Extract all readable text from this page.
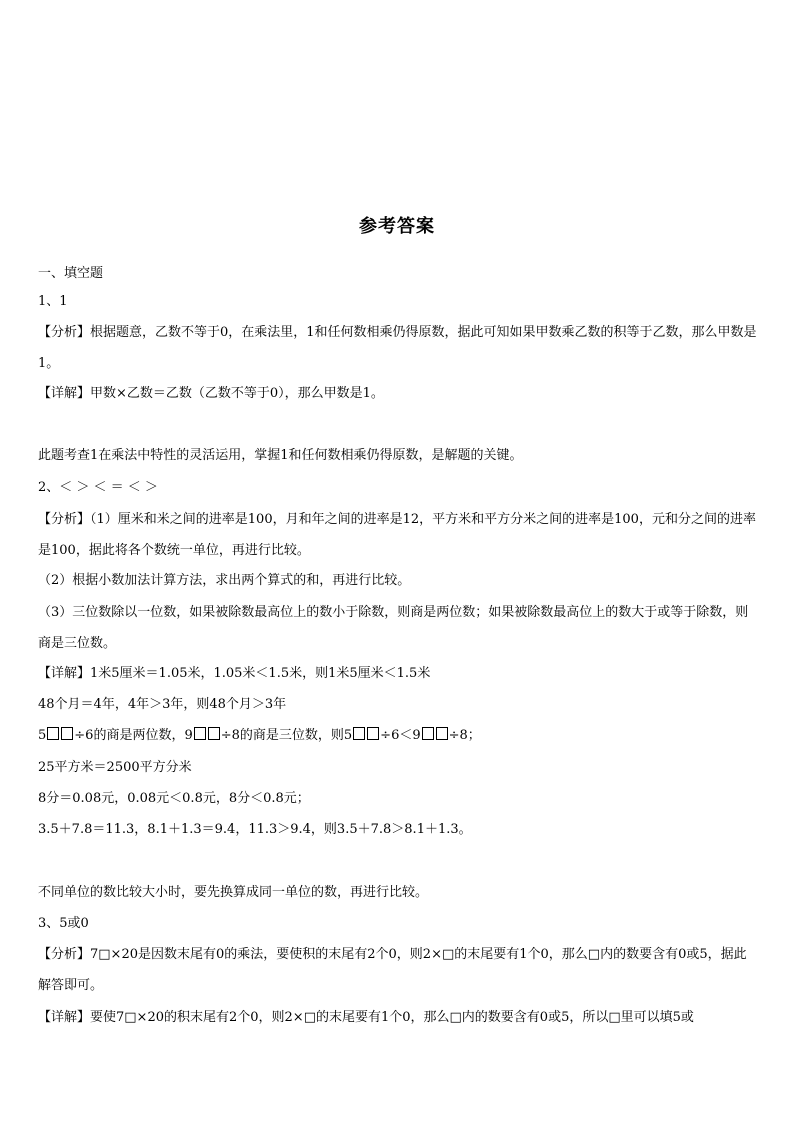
参考答案
一、填空题
1、1
【分析】根据题意，乙数不等于0，在乘法里，1和任何数相乘仍得原数，据此可知如果甲数乘乙数的积等于乙数，那么甲数是1。
【详解】甲数×乙数＝乙数（乙数不等于0），那么甲数是1。
此题考查1在乘法中特性的灵活运用，掌握1和任何数相乘仍得原数，是解题的关键。
2、＜ ＞ ＜ ＝ ＜ ＞
【分析】（1）厘米和米之间的进率是100，月和年之间的进率是12，平方米和平方分米之间的进率是100，元和分之间的进率是100，据此将各个数统一单位，再进行比较。
（2）根据小数加法计算方法，求出两个算式的和，再进行比较。
（3）三位数除以一位数，如果被除数最高位上的数小于除数，则商是两位数；如果被除数最高位上的数大于或等于除数，则商是三位数。
【详解】1米5厘米＝1.05米，1.05米＜1.5米，则1米5厘米＜1.5米
48个月＝4年，4年＞3年，则48个月＞3年
5 ÷6的商是两位数，9 ÷8的商是三位数，则5 ÷6＜9 ÷8；
25平方米＝2500平方分米
8分＝0.08元，0.08元＜0.8元，8分＜0.8元；
3.5＋7.8＝11.3，8.1＋1.3＝9.4，11.3＞9.4，则3.5＋7.8＞8.1＋1.3。
不同单位的数比较大小时，要先换算成同一单位的数，再进行比较。
3、5或0
【分析】7□×20是因数末尾有0的乘法，要使积的末尾有2个0，则2×□的末尾要有1个0，那么□内的数要含有0或5，据此解答即可。
【详解】要使7□×20的积末尾有2个0，则2×□的末尾要有1个0，那么□内的数要含有0或5，所以□里可以填5或
